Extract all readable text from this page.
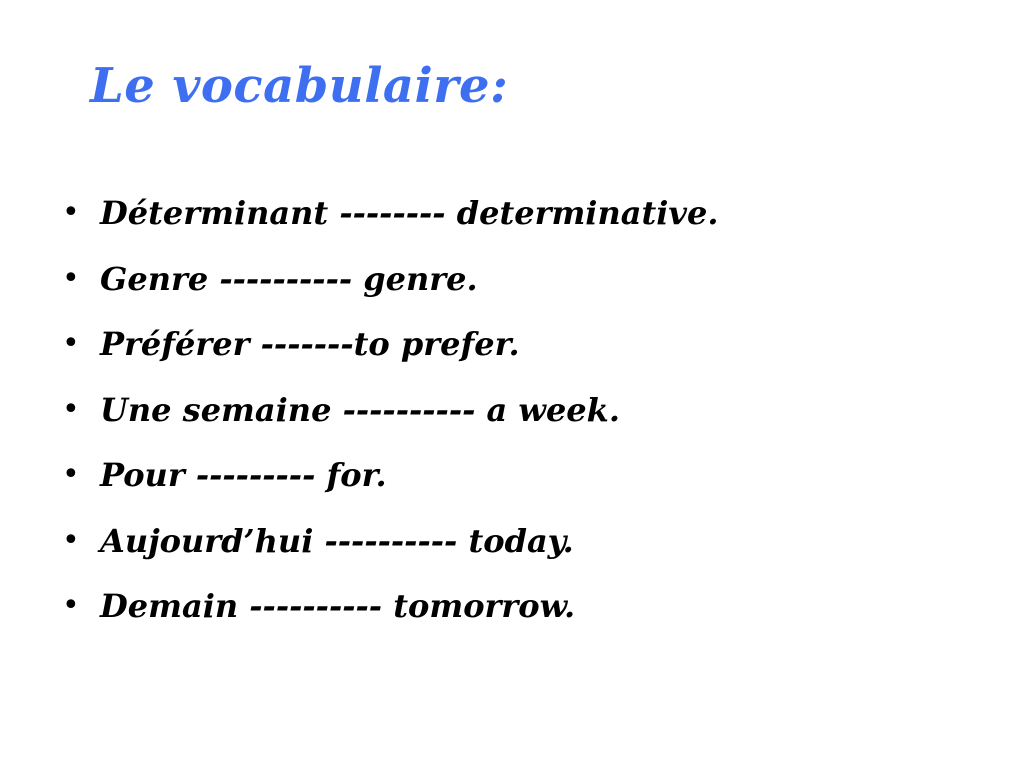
Le vocabulaire:
• Déterminant -------- determinative.
• Genre ---------- genre.
• Préférer -------to prefer.
• Une semaine ---------- a week.
• Pour --------- for.
• Aujourd’hui ---------- today.
• Demain ---------- tomorrow.
